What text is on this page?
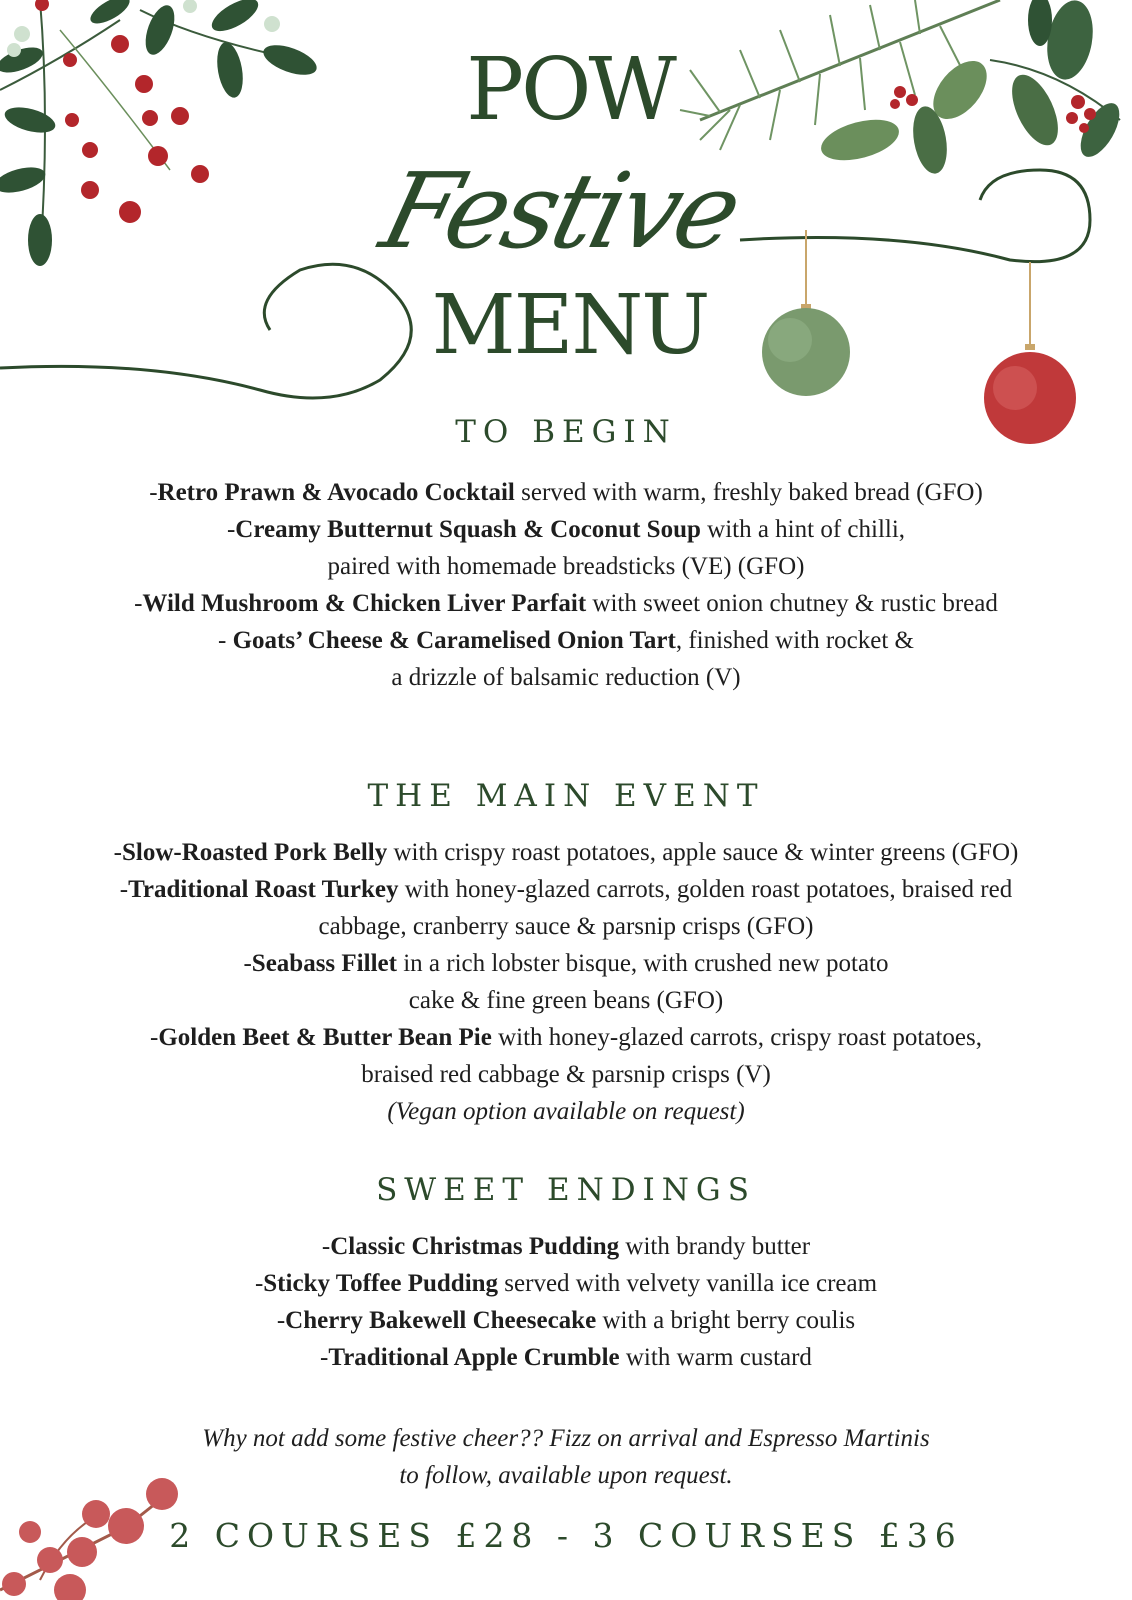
POW
Festive
MENU
TO BEGIN
-Retro Prawn & Avocado Cocktail served with warm, freshly baked bread (GFO)
-Creamy Butternut Squash & Coconut Soup with a hint of chilli,
paired with homemade breadsticks (VE) (GFO)
-Wild Mushroom & Chicken Liver Parfait with sweet onion chutney & rustic bread
- Goats’ Cheese & Caramelised Onion Tart, finished with rocket &
a drizzle of balsamic reduction (V)
THE MAIN EVENT
-Slow-Roasted Pork Belly with crispy roast potatoes, apple sauce & winter greens (GFO)
-Traditional Roast Turkey with honey-glazed carrots, golden roast potatoes, braised red
cabbage, cranberry sauce & parsnip crisps (GFO)
-Seabass Fillet in a rich lobster bisque, with crushed new potato
cake & fine green beans (GFO)
-Golden Beet & Butter Bean Pie with honey-glazed carrots, crispy roast potatoes,
braised red cabbage & parsnip crisps (V)
(Vegan option available on request)
SWEET ENDINGS
-Classic Christmas Pudding with brandy butter
-Sticky Toffee Pudding served with velvety vanilla ice cream
-Cherry Bakewell Cheesecake with a bright berry coulis
-Traditional Apple Crumble with warm custard
Why not add some festive cheer?? Fizz on arrival and Espresso Martinis
to follow, available upon request.
2 COURSES £28 - 3 COURSES £36
